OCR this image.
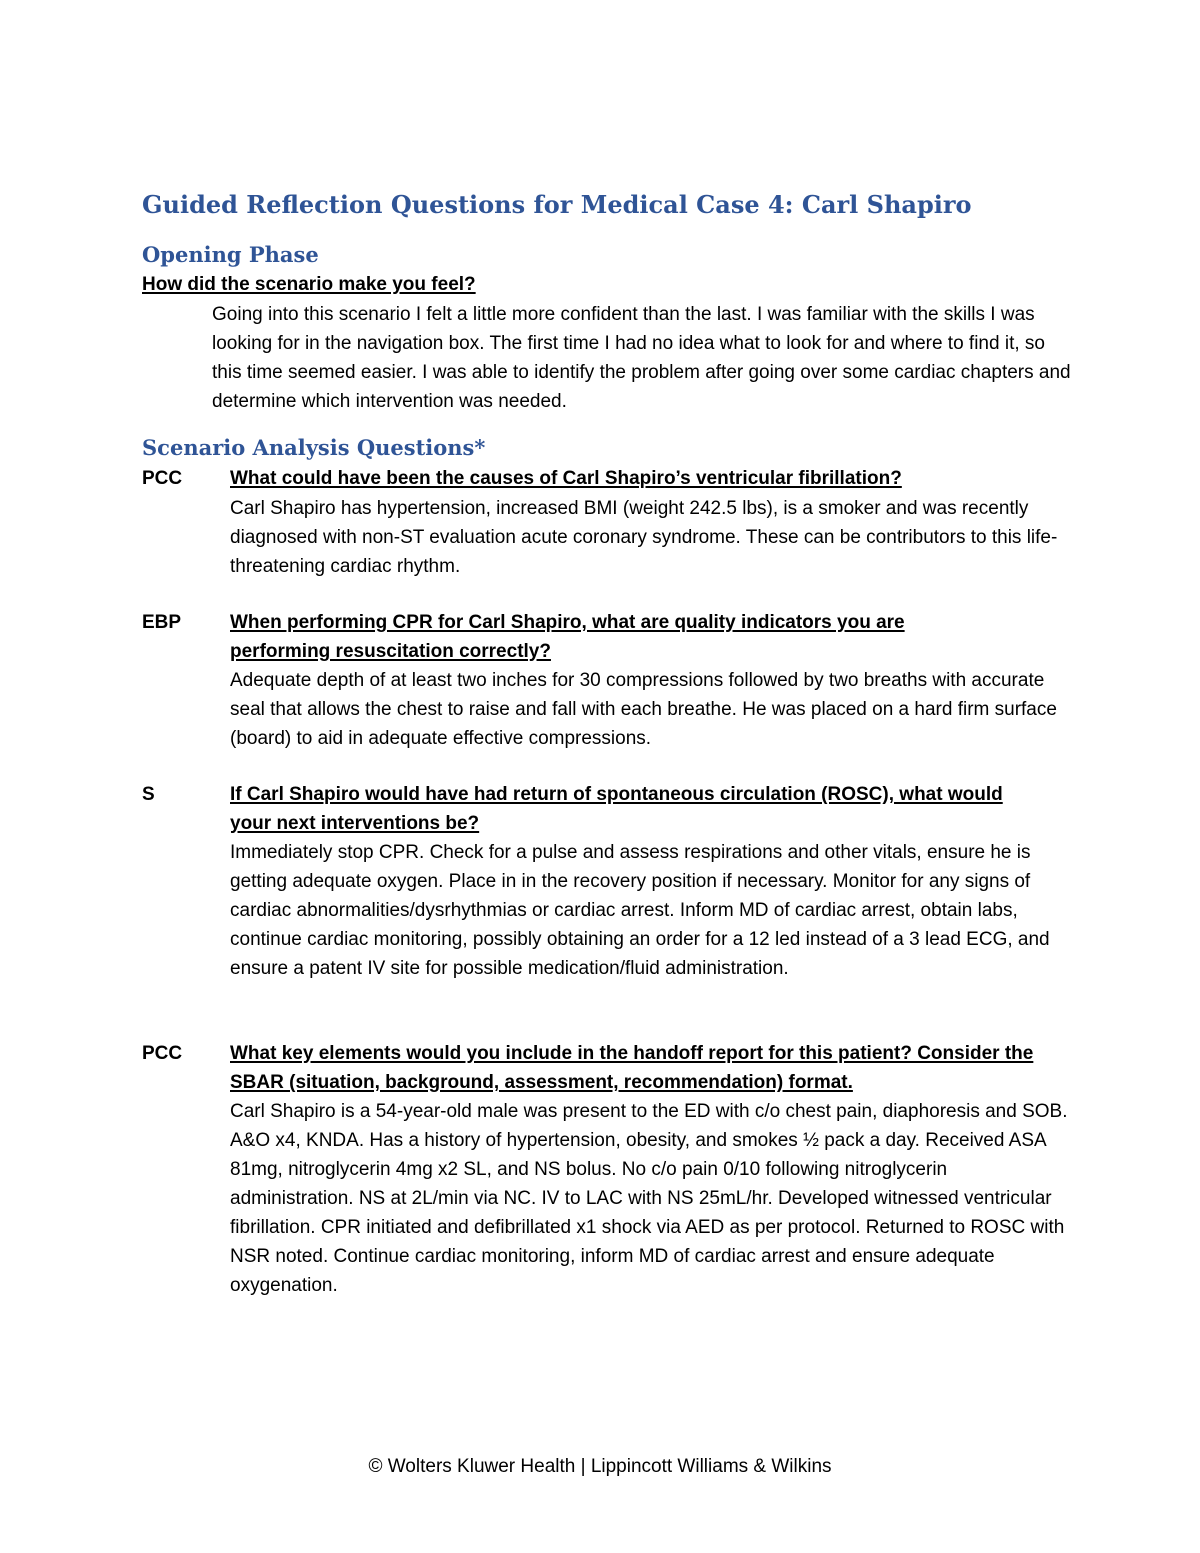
Guided Reflection Questions for Medical Case 4: Carl Shapiro
Opening Phase

How did the scenario make you feel?

Going into this scenario I felt a little more confident than the last. I was familiar with the skills I was looking for in the navigation box. The first time I had no idea what to look for and where to find it, so this time seemed easier. I was able to identify the problem after going over some cardiac chapters and determine which intervention was needed.

Scenario Analysis Questions*

PCC	What could have been the causes of Carl Shapiro’s ventricular fibrillation?

Carl Shapiro has hypertension, increased BMI (weight 242.5 lbs), is a smoker and was recently diagnosed with non-ST evaluation acute coronary syndrome. These can be contributors to this life-threatening cardiac rhythm.

EBP	When performing CPR for Carl Shapiro, what are quality indicators you are performing resuscitation correctly?

Adequate depth of at least two inches for 30 compressions followed by two breaths with accurate seal that allows the chest to raise and fall with each breathe. He was placed on a hard firm surface (board) to aid in adequate effective compressions.

S	If Carl Shapiro would have had return of spontaneous circulation (ROSC), what would your next interventions be?

Immediately stop CPR. Check for a pulse and assess respirations and other vitals, ensure he is getting adequate oxygen. Place in in the recovery position if necessary. Monitor for any signs of cardiac abnormalities/dysrhythmias or cardiac arrest. Inform MD of cardiac arrest, obtain labs, continue cardiac monitoring, possibly obtaining an order for a 12 led instead of a 3 lead ECG, and ensure a patent IV site for possible medication/fluid administration.

PCC	What key elements would you include in the handoff report for this patient? Consider the SBAR (situation, background, assessment, recommendation) format.

Carl Shapiro is a 54-year-old male was present to the ED with c/o chest pain, diaphoresis and SOB. A&O x4, KNDA. Has a history of hypertension, obesity, and smokes ½ pack a day. Received ASA 81mg, nitroglycerin 4mg x2 SL, and NS bolus. No c/o pain 0/10 following nitroglycerin administration. NS at 2L/min via NC. IV to LAC with NS 25mL/hr. Developed witnessed ventricular fibrillation. CPR initiated and defibrillated x1 shock via AED as per protocol. Returned to ROSC with NSR noted. Continue cardiac monitoring, inform MD of cardiac arrest and ensure adequate oxygenation.

© Wolters Kluwer Health | Lippincott Williams & Wilkins
